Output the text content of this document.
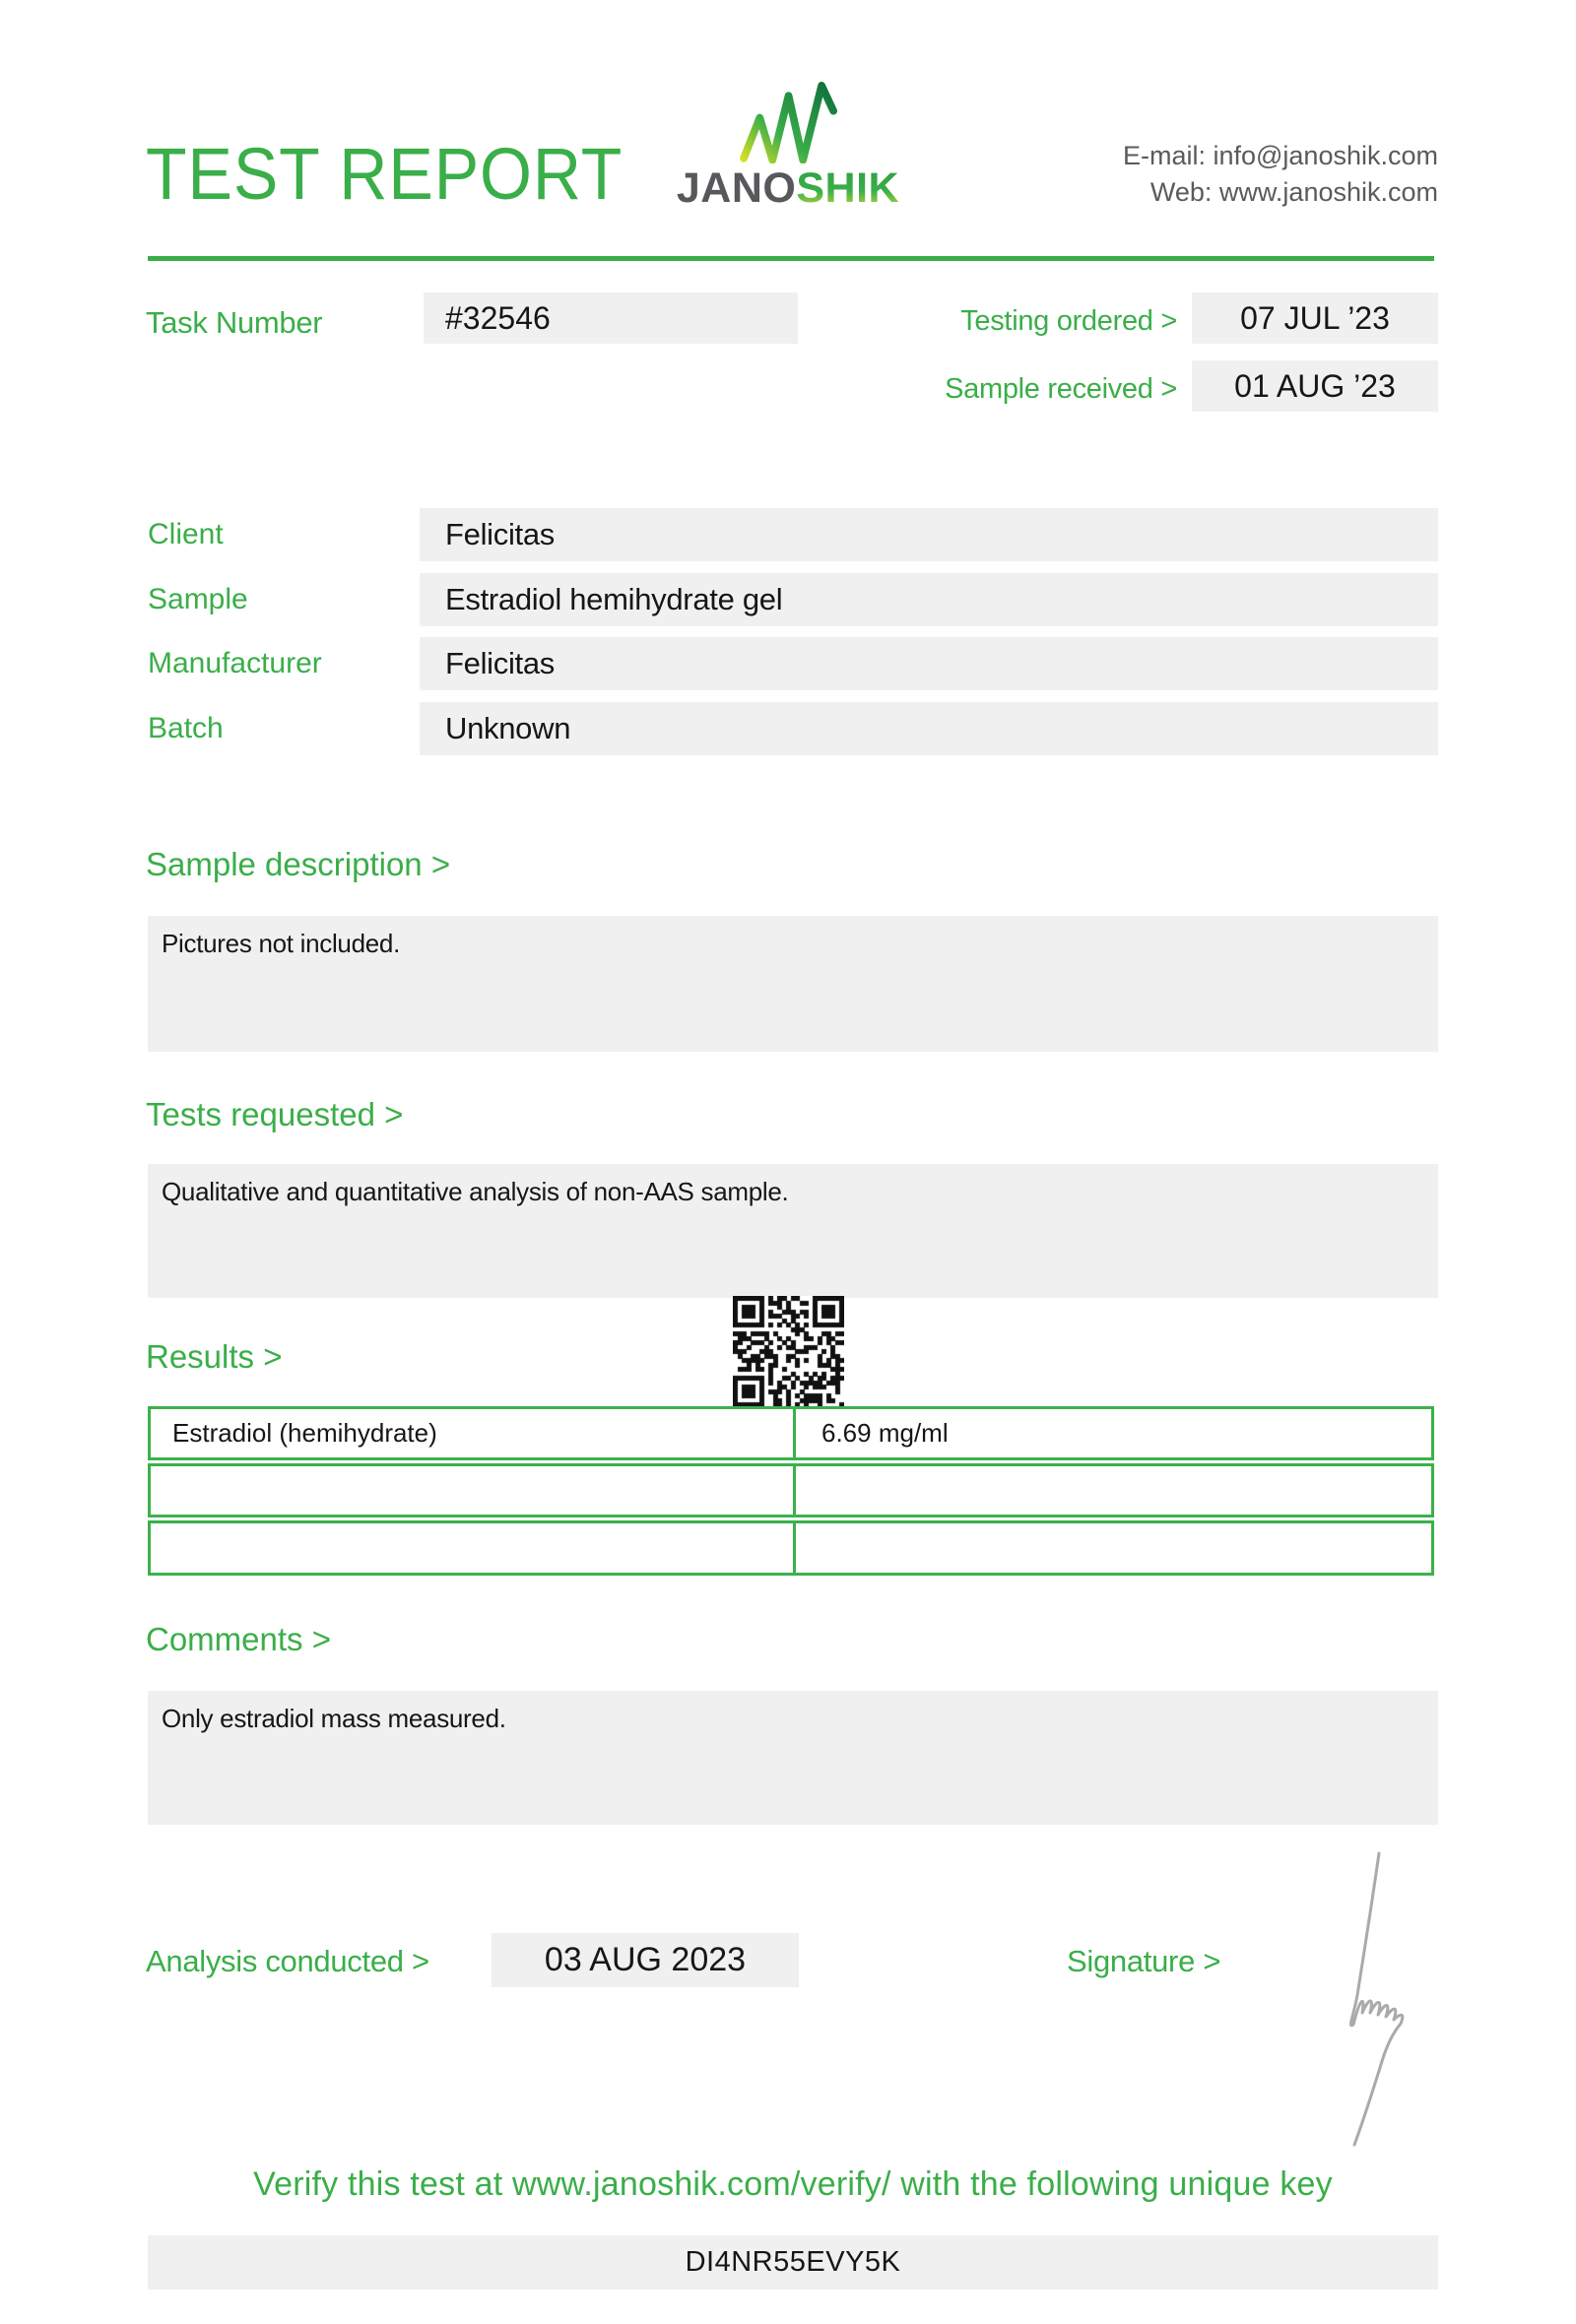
TEST REPORT	JANOSHIK
E-mail: info@janoshik.com
Web: www.janoshik.com
Task Number	#32546	Testing ordered >	07 JUL ’23
Sample received >	01 AUG ’23
Client	Felicitas
Sample	Estradiol hemihydrate gel
Manufacturer	Felicitas
Batch	Unknown
Sample description >
Pictures not included.
Tests requested >
Qualitative and quantitative analysis of non-AAS sample.
Results >
Estradiol (hemihydrate)	6.69 mg/ml
Comments >
Only estradiol mass measured.
Analysis conducted >	03 AUG 2023	Signature >
Verify this test at www.janoshik.com/verify/ with the following unique key
DI4NR55EVY5K
